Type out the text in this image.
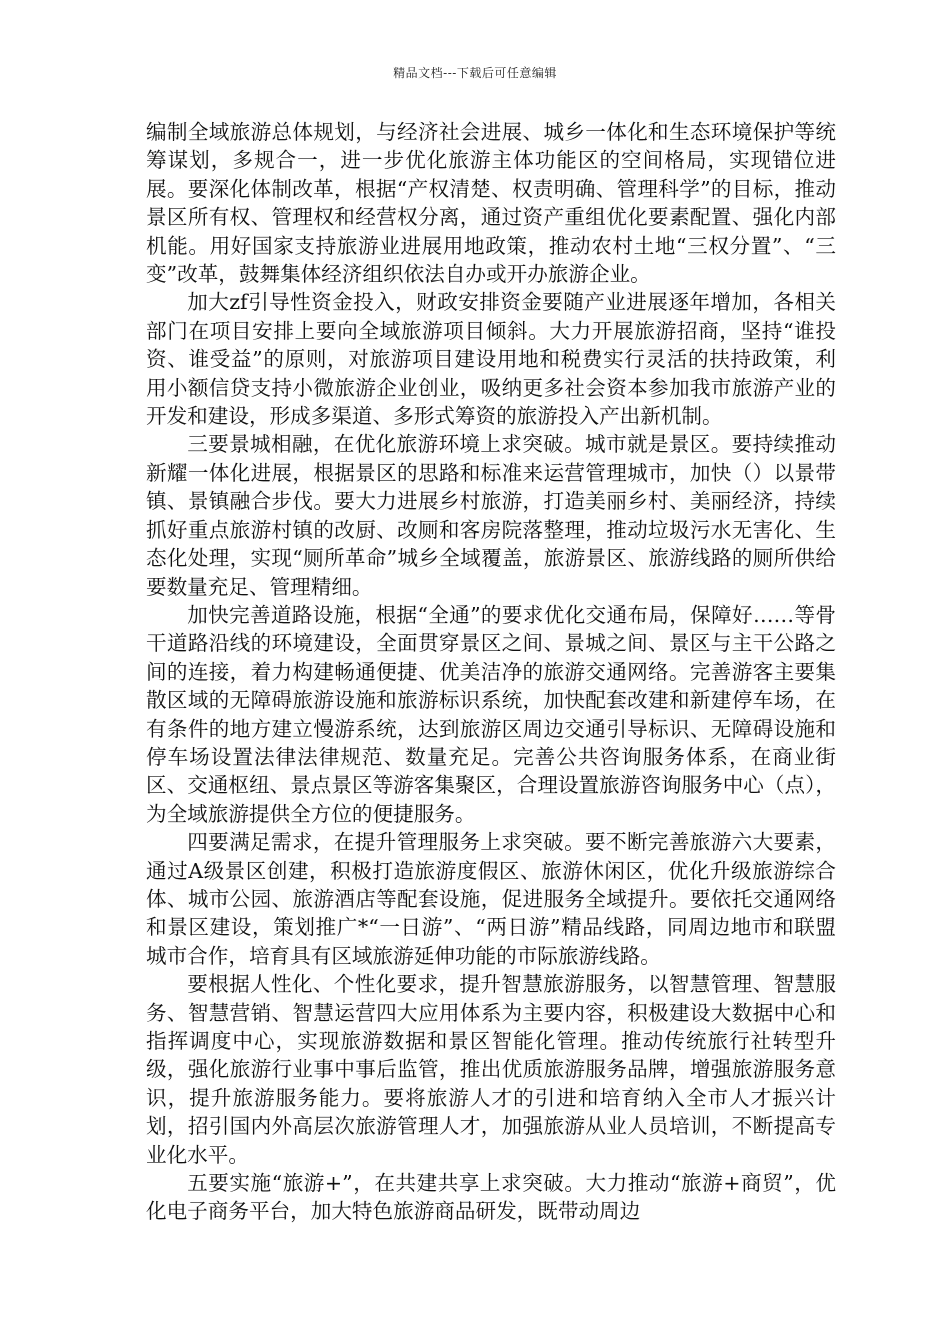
精品文档---下载后可任意编辑

编制全域旅游总体规划，与经济社会进展、城乡一体化和生态环境保护等统筹谋划，多规合一，进一步优化旅游主体功能区的空间格局，实现错位进展。要深化体制改革，根据“产权清楚、权责明确、管理科学”的目标，推动景区所有权、管理权和经营权分离，通过资产重组优化要素配置、强化内部机能。用好国家支持旅游业进展用地政策，推动农村土地“三权分置”、“三变”改革，鼓舞集体经济组织依法自办或开办旅游企业。

加大zf引导性资金投入，财政安排资金要随产业进展逐年增加，各相关部门在项目安排上要向全域旅游项目倾斜。大力开展旅游招商，坚持“谁投资、谁受益”的原则，对旅游项目建设用地和税费实行灵活的扶持政策，利用小额信贷支持小微旅游企业创业，吸纳更多社会资本参加我市旅游产业的开发和建设，形成多渠道、多形式筹资的旅游投入产出新机制。

三要景城相融，在优化旅游环境上求突破。城市就是景区。要持续推动新耀一体化进展，根据景区的思路和标准来运营管理城市，加快（）以景带镇、景镇融合步伐。要大力进展乡村旅游，打造美丽乡村、美丽经济，持续抓好重点旅游村镇的改厨、改厕和客房院落整理，推动垃圾污水无害化、生态化处理，实现“厕所革命”城乡全域覆盖，旅游景区、旅游线路的厕所供给要数量充足、管理精细。

加快完善道路设施，根据“全通”的要求优化交通布局，保障好……等骨干道路沿线的环境建设，全面贯穿景区之间、景城之间、景区与主干公路之间的连接，着力构建畅通便捷、优美洁净的旅游交通网络。完善游客主要集散区域的无障碍旅游设施和旅游标识系统，加快配套改建和新建停车场，在有条件的地方建立慢游系统，达到旅游区周边交通引导标识、无障碍设施和停车场设置法律法律规范、数量充足。完善公共咨询服务体系，在商业街区、交通枢纽、景点景区等游客集聚区，合理设置旅游咨询服务中心（点），为全域旅游提供全方位的便捷服务。

四要满足需求，在提升管理服务上求突破。要不断完善旅游六大要素，通过A级景区创建，积极打造旅游度假区、旅游休闲区，优化升级旅游综合体、城市公园、旅游酒店等配套设施，促进服务全域提升。要依托交通网络和景区建设，策划推广*“一日游”、“两日游”精品线路，同周边地市和联盟城市合作，培育具有区域旅游延伸功能的市际旅游线路。

要根据人性化、个性化要求，提升智慧旅游服务，以智慧管理、智慧服务、智慧营销、智慧运营四大应用体系为主要内容，积极建设大数据中心和指挥调度中心，实现旅游数据和景区智能化管理。推动传统旅行社转型升级，强化旅游行业事中事后监管，推出优质旅游服务品牌，增强旅游服务意识，提升旅游服务能力。要将旅游人才的引进和培育纳入全市人才振兴计划，招引国内外高层次旅游管理人才，加强旅游从业人员培训，不断提高专业化水平。

五要实施“旅游+”，在共建共享上求突破。大力推动“旅游+商贸”，优化电子商务平台，加大特色旅游商品研发，既带动周边
